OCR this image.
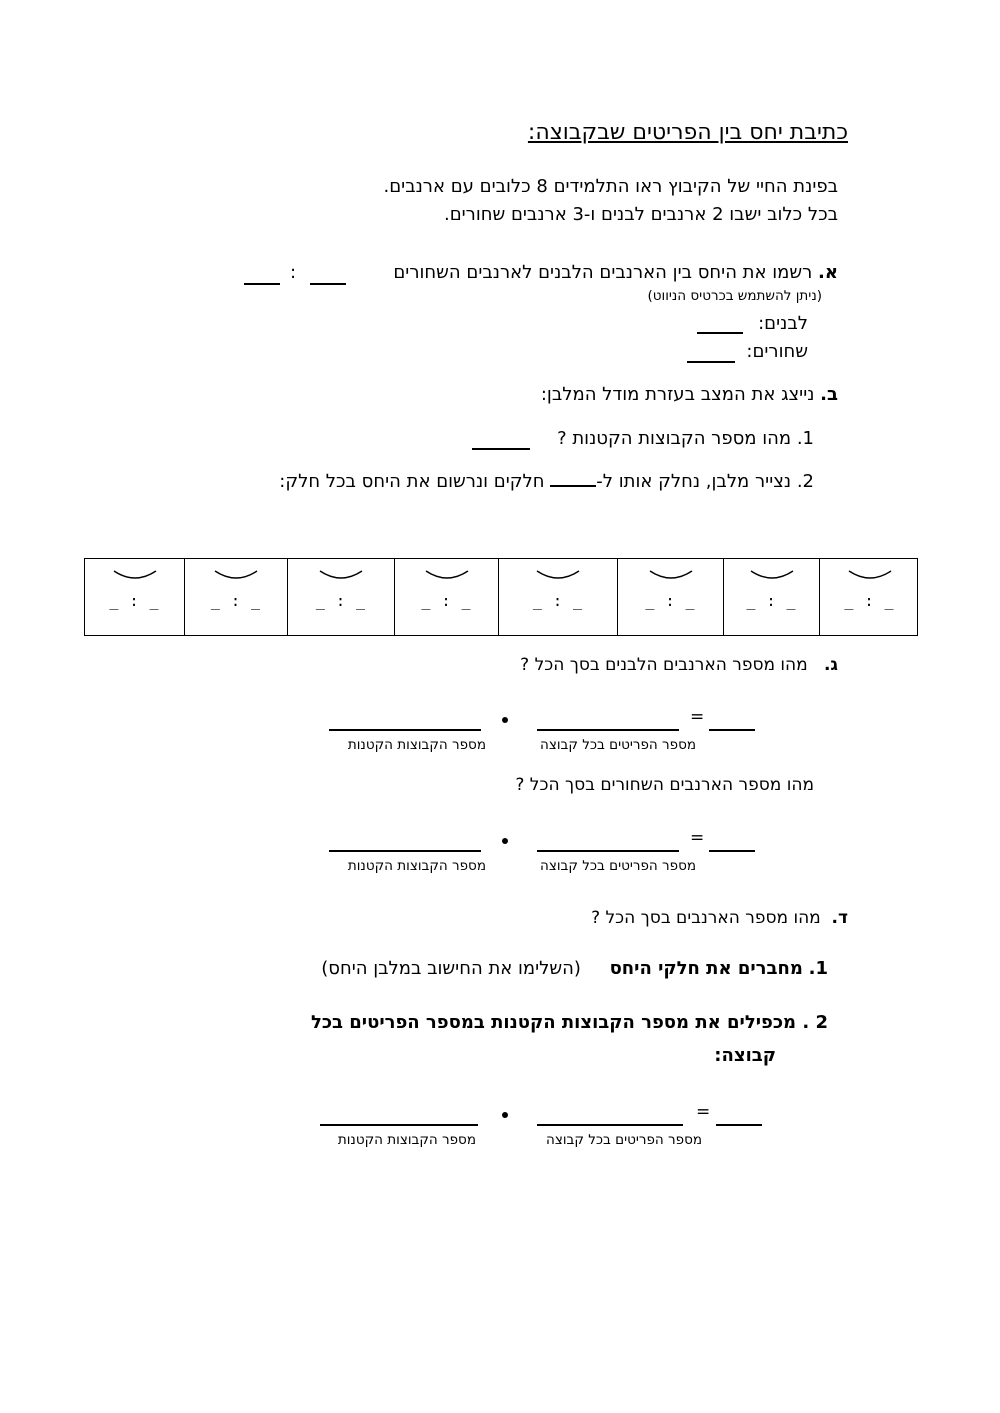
כתיבת יחס בין הפריטים שבקבוצה:
בפינת החיי של הקיבוץ ראו התלמידים 8 כלובים עם ארנבים.
בכל כלוב ישבו 2 ארנבים לבנים ו-3 ארנבים שחורים.
א. רשמו את היחס בין הארנבים הלבנים לארנבים השחורים
:
(ניתן להשתמש בכרטיס הניווט)
לבנים:
שחורים:
ב. נייצג את המצב בעזרת מודל המלבן:
1. מהו מספר הקבוצות הקטנות ?
2. נצייר מלבן, נחלק אותו ל- חלקים ונרשום את היחס בכל חלק:
_ : _	_ : _	_ : _	_ : _	_ : _	_ : _	_ : _	_ : _
ג.   מהו מספר הארנבים הלבנים בסך הכל ?
=
מספר הפריטים בכל קבוצה
מספר הקבוצות הקטנות
מהו מספר הארנבים השחורים בסך הכל ?
=
מספר הפריטים בכל קבוצה
מספר הקבוצות הקטנות
ד.  מהו מספר הארנבים בסך הכל ?
1. מחברים את חלקי היחס     (השלימו את החישוב במלבן היחס)
2 . מכפילים את מספר הקבוצות הקטנות במספר הפריטים בכל
קבוצה:
=
מספר הפריטים בכל קבוצה
מספר הקבוצות הקטנות
